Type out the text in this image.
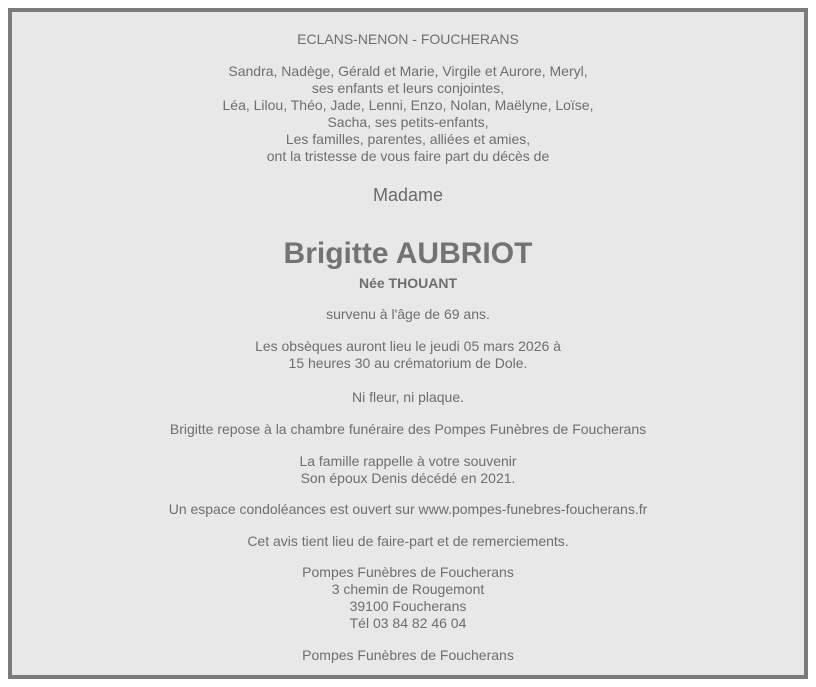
ECLANS-NENON - FOUCHERANS
Sandra, Nadège, Gérald et Marie, Virgile et Aurore, Meryl,
ses enfants et leurs conjointes,
Léa, Lilou, Théo, Jade, Lenni, Enzo, Nolan, Maëlyne, Loïse,
Sacha, ses petits-enfants,
Les familles, parentes, alliées et amies,
ont la tristesse de vous faire part du décès de
Madame
Brigitte AUBRIOT
Née THOUANT
survenu à l'âge de 69 ans.
Les obsèques auront lieu le jeudi 05 mars 2026 à
15 heures 30 au crématorium de Dole.
Ni fleur, ni plaque.
Brigitte repose à la chambre funéraire des Pompes Funèbres de Foucherans
La famille rappelle à votre souvenir
Son époux Denis décédé en 2021.
Un espace condoléances est ouvert sur www.pompes-funebres-foucherans.fr
Cet avis tient lieu de faire-part et de remerciements.
Pompes Funèbres de Foucherans
3 chemin de Rougemont
39100 Foucherans
Tél 03 84 82 46 04
Pompes Funèbres de Foucherans
